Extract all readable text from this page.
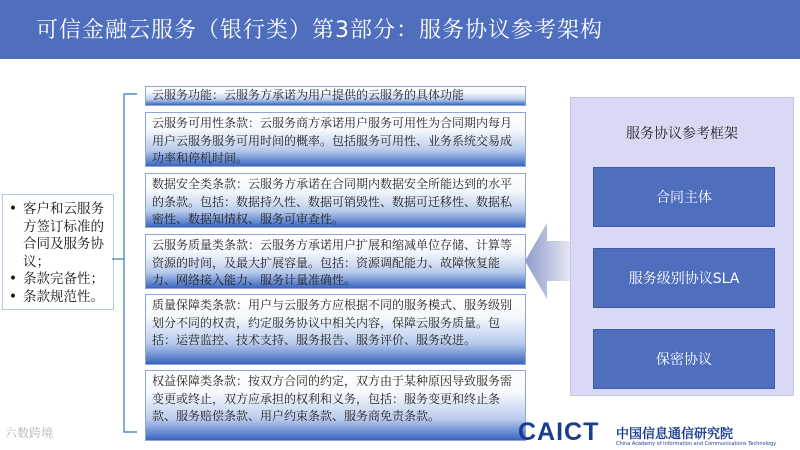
可信金融云服务（银行类）第3部分：服务协议参考架构
• 客户和云服务方签订标准的合同及服务协议；
• 条款完备性；
• 条款规范性。
云服务功能：云服务方承诺为用户提供的云服务的具体功能
云服务可用性条款：云服务商方承诺用户服务可用性为合同期内每月用户云服务服务可用时间的概率。包括服务可用性、业务系统交易成功率和停机时间。
数据安全类条款：云服务方承诺在合同期内数据安全所能达到的水平的条款。包括：数据持久性、数据可销毁性、数据可迁移性、数据私密性、数据知情权、服务可审查性。
云服务质量类条款：云服务方承诺用户扩展和缩减单位存储、计算等资源的时间，及最大扩展容量。包括：资源调配能力、故障恢复能力、网络接入能力、服务计量准确性。
质量保障类条款：用户与云服务方应根据不同的服务模式、服务级别划分不同的权责，约定服务协议中相关内容，保障云服务质量。包括：运营监控、技术支持、服务报告、服务评价、服务改进。
权益保障类条款：按双方合同的约定，双方由于某种原因导致服务需变更或终止，双方应承担的权利和义务，包括：服务变更和终止条款、服务赔偿条款、用户约束条款、服务商免责条款。
服务协议参考框架
合同主体
服务级别协议SLA
保密协议
六数跨境	CAICT 中国信息通信研究院
China Academy of Information and Communications Technology
